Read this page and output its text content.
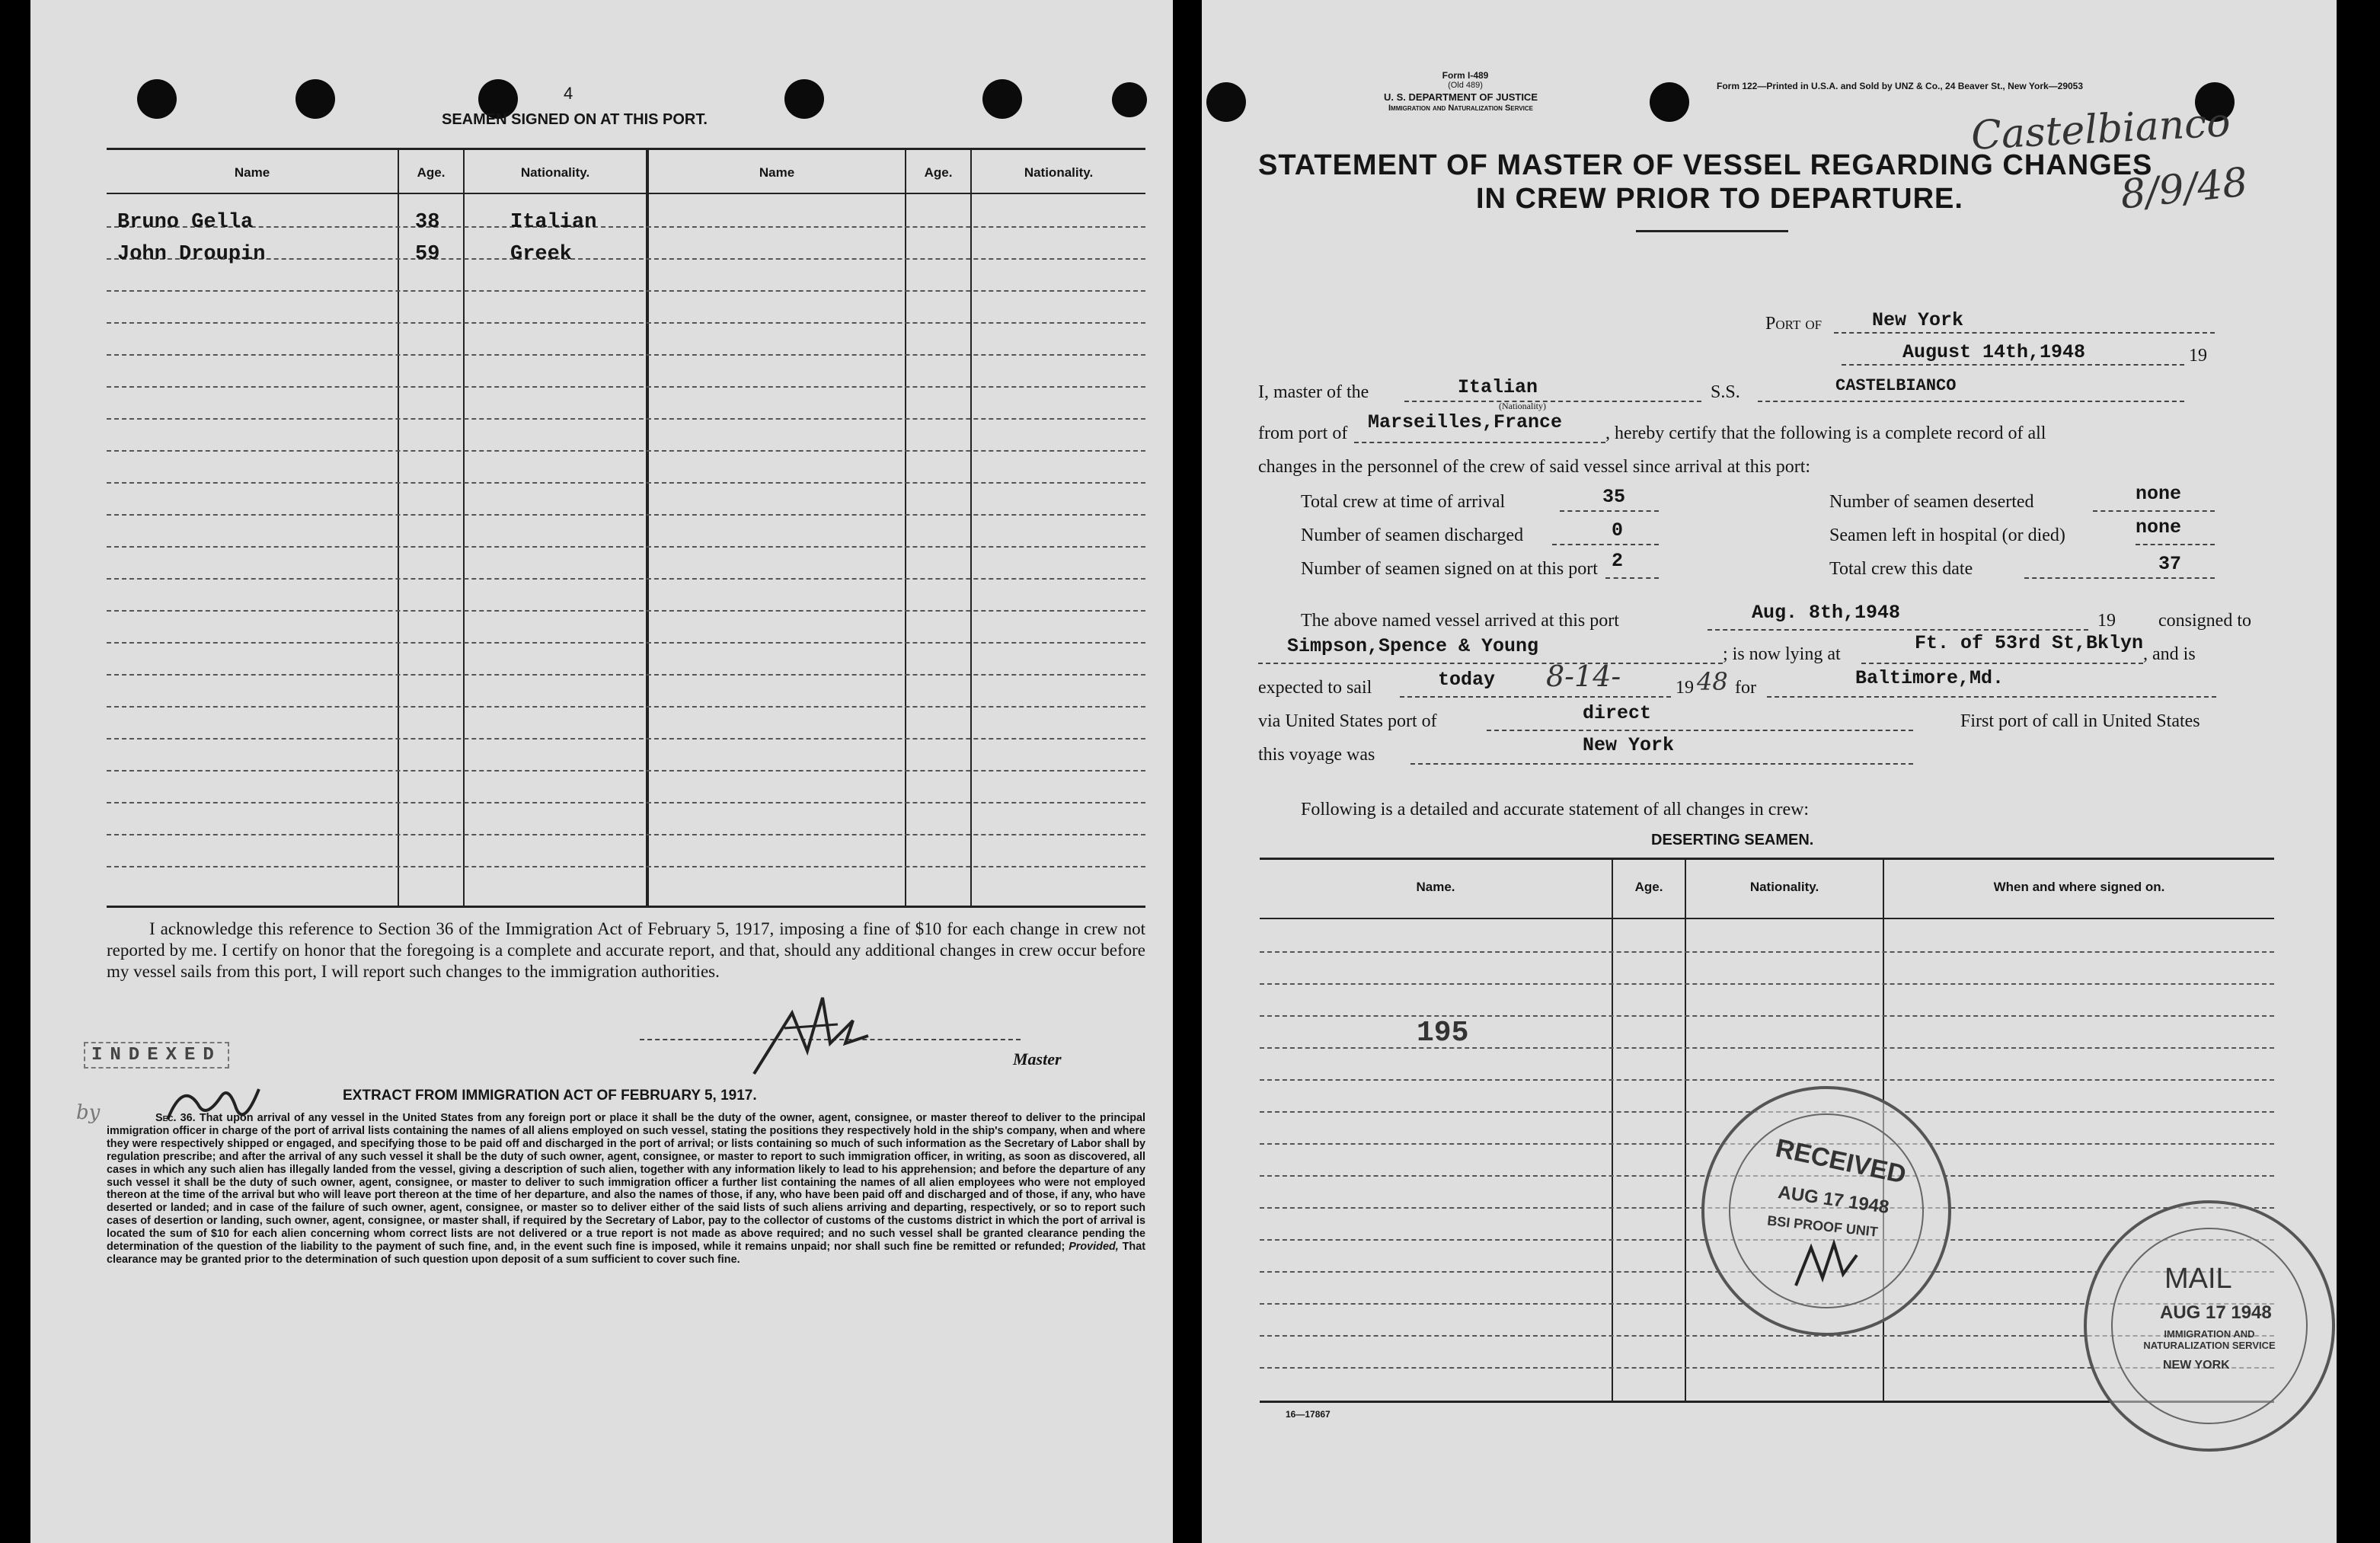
4
SEAMEN SIGNED ON AT THIS PORT.
Name	Age.	Nationality.	Name	Age.	Nationality.
Bruno Gella	38	Italian
John Droupin	59	Greek
I acknowledge this reference to Section 36 of the Immigration Act of February 5, 1917, imposing a fine of $10 for each change in crew not reported by me. I certify on honor that the foregoing is a complete and accurate report, and that, should any additional changes in crew occur before my vessel sails from this port, I will report such changes to the immigration authorities.
Master
INDEXED
by
EXTRACT FROM IMMIGRATION ACT OF FEBRUARY 5, 1917.
Sec. 36. That upon arrival of any vessel in the United States from any foreign port or place it shall be the duty of the owner, agent, consignee, or master thereof to deliver to the principal immigration officer in charge of the port of arrival lists containing the names of all aliens employed on such vessel, stating the positions they respectively hold in the ship's company, when and where they were respectively shipped or engaged, and specifying those to be paid off and discharged in the port of arrival; or lists containing so much of such information as the Secretary of Labor shall by regulation prescribe; and after the arrival of any such vessel it shall be the duty of such owner, agent, consignee, or master to report to such immigration officer, in writing, as soon as discovered, all cases in which any such alien has illegally landed from the vessel, giving a description of such alien, together with any information likely to lead to his apprehension; and before the departure of any such vessel it shall be the duty of such owner, agent, consignee, or master to deliver to such immigration officer a further list containing the names of all alien employees who were not employed thereon at the time of the arrival but who will leave port thereon at the time of her departure, and also the names of those, if any, who have been paid off and discharged and of those, if any, who have deserted or landed; and in case of the failure of such owner, agent, consignee, or master so to deliver either of the said lists of such aliens arriving and departing, respectively, or so to report such cases of desertion or landing, such owner, agent, consignee, or master shall, if required by the Secretary of Labor, pay to the collector of customs of the customs district in which the port of arrival is located the sum of $10 for each alien concerning whom correct lists are not delivered or a true report is not made as above required; and no such vessel shall be granted clearance pending the determination of the question of the liability to the payment of such fine, and, in the event such fine is imposed, while it remains unpaid; nor shall such fine be remitted or refunded; Provided, That clearance may be granted prior to the determination of such question upon deposit of a sum sufficient to cover such fine.
Form I-489
(Old 489)
U. S. DEPARTMENT OF JUSTICE
Immigration and Naturalization Service
Form 122—Printed in U.S.A. and Sold by UNZ & Co., 24 Beaver St., New York—29053
Castelbianco
8/9/48
STATEMENT OF MASTER OF VESSEL REGARDING CHANGES
IN CREW PRIOR TO DEPARTURE.
Port of	New York
August 14th,1948	19
I, master of the	Italian
(Nationality)
S.S.	CASTELBIANCO
from port of Marseilles,France , hereby certify that the following is a complete record of all
changes in the personnel of the crew of said vessel since arrival at this port:
Total crew at time of arrival	35	Number of seamen deserted	none
Number of seamen discharged	0	Seamen left in hospital (or died)	none
Number of seamen signed on at this port 2	Total crew this date	37
The above named vessel arrived at this port	Aug. 8th,1948	19 consigned to
Simpson,Spence & Young	; is now lying at	Ft. of 53rd St,Bklyn , and is
expected to sail	today 8-14-	19 48 for	Baltimore,Md.
via United States port of	direct	First port of call in United States
this voyage was	New York
Following is a detailed and accurate statement of all changes in crew:
DESERTING SEAMEN.
Name.	Age.	Nationality.	When and where signed on.
195
16—17867
RECEIVED
AUG 17 1948
BSI PROOF UNIT
MAIL
AUG 17 1948
IMMIGRATION AND NATURALIZATION SERVICE
NEW YORK
